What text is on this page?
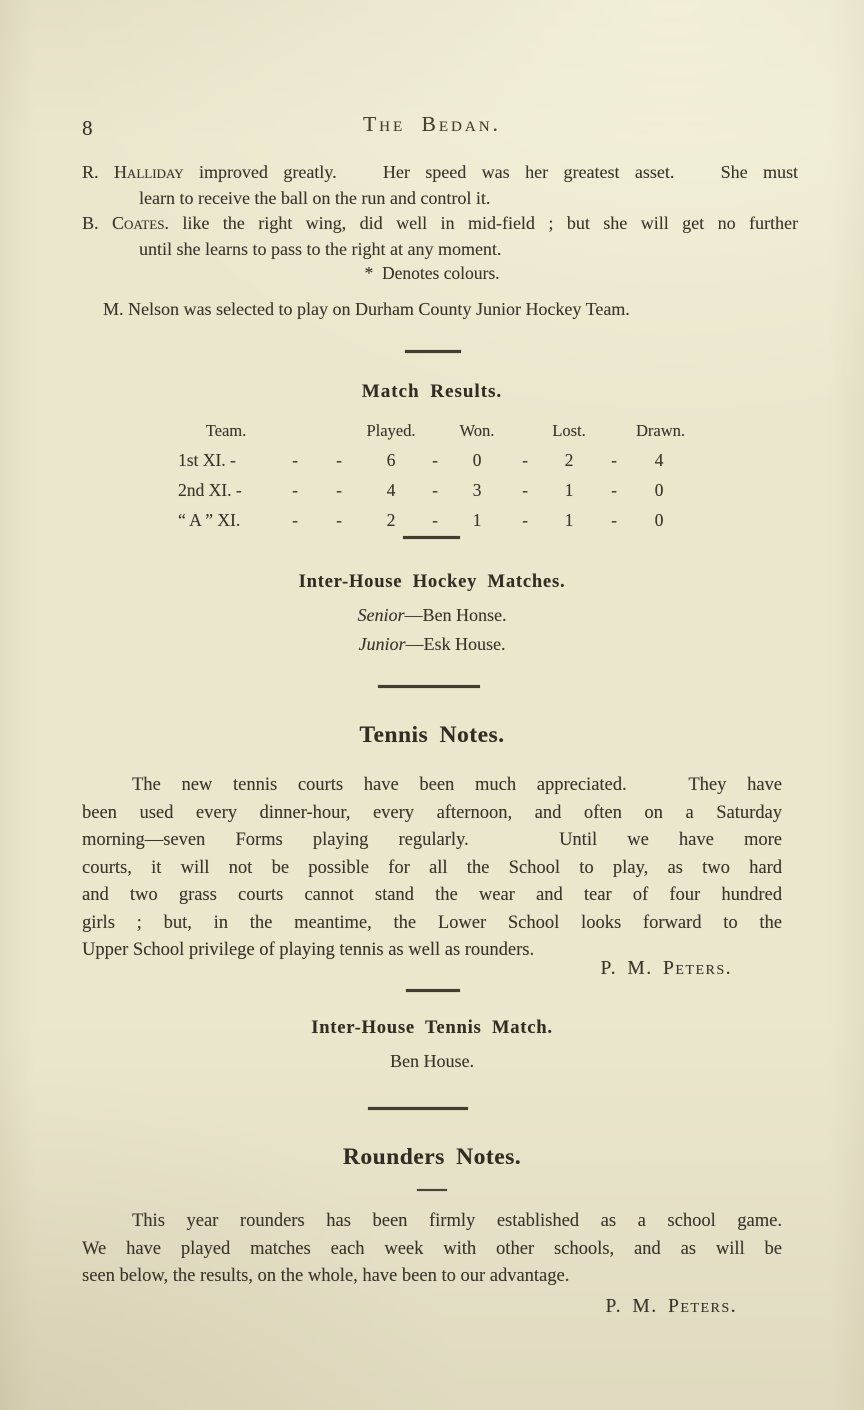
8	The Bedan.
R. Halliday improved greatly.   Her speed was her greatest asset.   She must
learn to receive the ball on the run and control it.
B. Coates. like the right wing, did well in mid-field ; but she will get no further
until she learns to pass to the right at any moment.
*  Denotes colours.
M. Nelson was selected to play on Durham County Junior Hockey Team.
Match Results.
Team.	Played.	Won.	Lost.	Drawn.
1st XI. -	-	-	6	-	0	-	2	-	4
2nd XI. -	-	-	4	-	3	-	1	-	0
“ A ” XI.	-	-	2	-	1	-	1	-	0
Inter-House Hockey Matches.
Senior—Ben Honse.
Junior—Esk House.
Tennis Notes.
The new tennis courts have been much appreciated.   They have
been used every dinner-hour, every afternoon, and often on a Saturday
morning—seven Forms playing regularly.   Until we have more
courts, it will not be possible for all the School to play, as two hard
and two grass courts cannot stand the wear and tear of four hundred
girls ; but, in the meantime, the Lower School looks forward to the
Upper School privilege of playing tennis as well as rounders.
P. M. Peters.
Inter-House Tennis Match.
Ben House.
Rounders Notes.
This year rounders has been firmly established as a school game.
We have played matches each week with other schools, and as will be
seen below, the results, on the whole, have been to our advantage.
P. M. Peters.
